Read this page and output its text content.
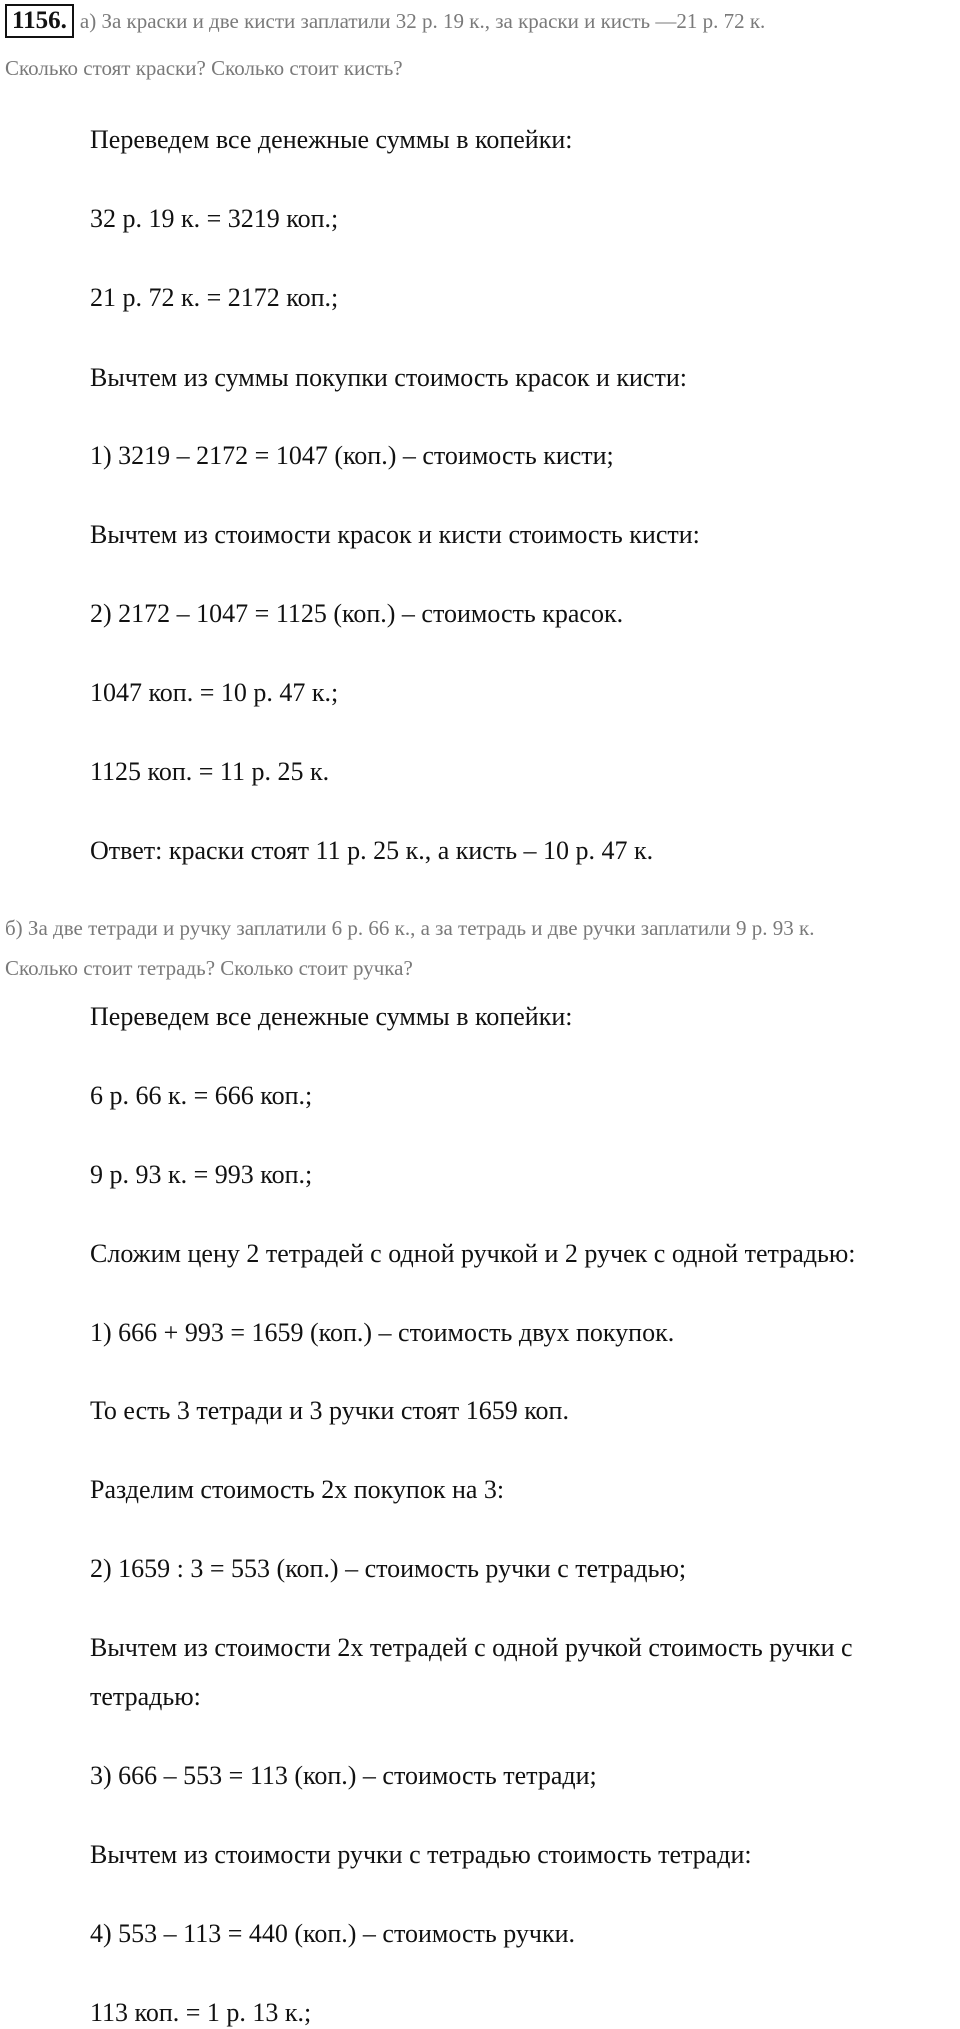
1156. а) За краски и две кисти заплатили 32 р. 19 к., за краски и кисть —21 р. 72 к.
Сколько стоят краски? Сколько стоит кисть?
Переведем все денежные суммы в копейки:
32 р. 19 к. = 3219 коп.;
21 р. 72 к. = 2172 коп.;
Вычтем из суммы покупки стоимость красок и кисти:
1) 3219 – 2172 = 1047 (коп.) – стоимость кисти;
Вычтем из стоимости красок и кисти стоимость кисти:
2) 2172 – 1047 = 1125 (коп.) – стоимость красок.
1047 коп. = 10 р. 47 к.;
1125 коп. = 11 р. 25 к.
Ответ: краски стоят 11 р. 25 к., а кисть – 10 р. 47 к.
б) За две тетради и ручку заплатили 6 р. 66 к., а за тетрадь и две ручки заплатили 9 р. 93 к.
Сколько стоит тетрадь? Сколько стоит ручка?
Переведем все денежные суммы в копейки:
6 р. 66 к. = 666 коп.;
9 р. 93 к. = 993 коп.;
Сложим цену 2 тетрадей с одной ручкой и 2 ручек с одной тетрадью:
1) 666 + 993 = 1659 (коп.) – стоимость двух покупок.
То есть 3 тетради и 3 ручки стоят 1659 коп.
Разделим стоимость 2х покупок на 3:
2) 1659 : 3 = 553 (коп.) – стоимость ручки с тетрадью;
Вычтем из стоимости 2х тетрадей с одной ручкой стоимость ручки с
тетрадью:
3) 666 – 553 = 113 (коп.) – стоимость тетради;
Вычтем из стоимости ручки с тетрадью стоимость тетради:
4) 553 – 113 = 440 (коп.) – стоимость ручки.
113 коп. = 1 р. 13 к.;
